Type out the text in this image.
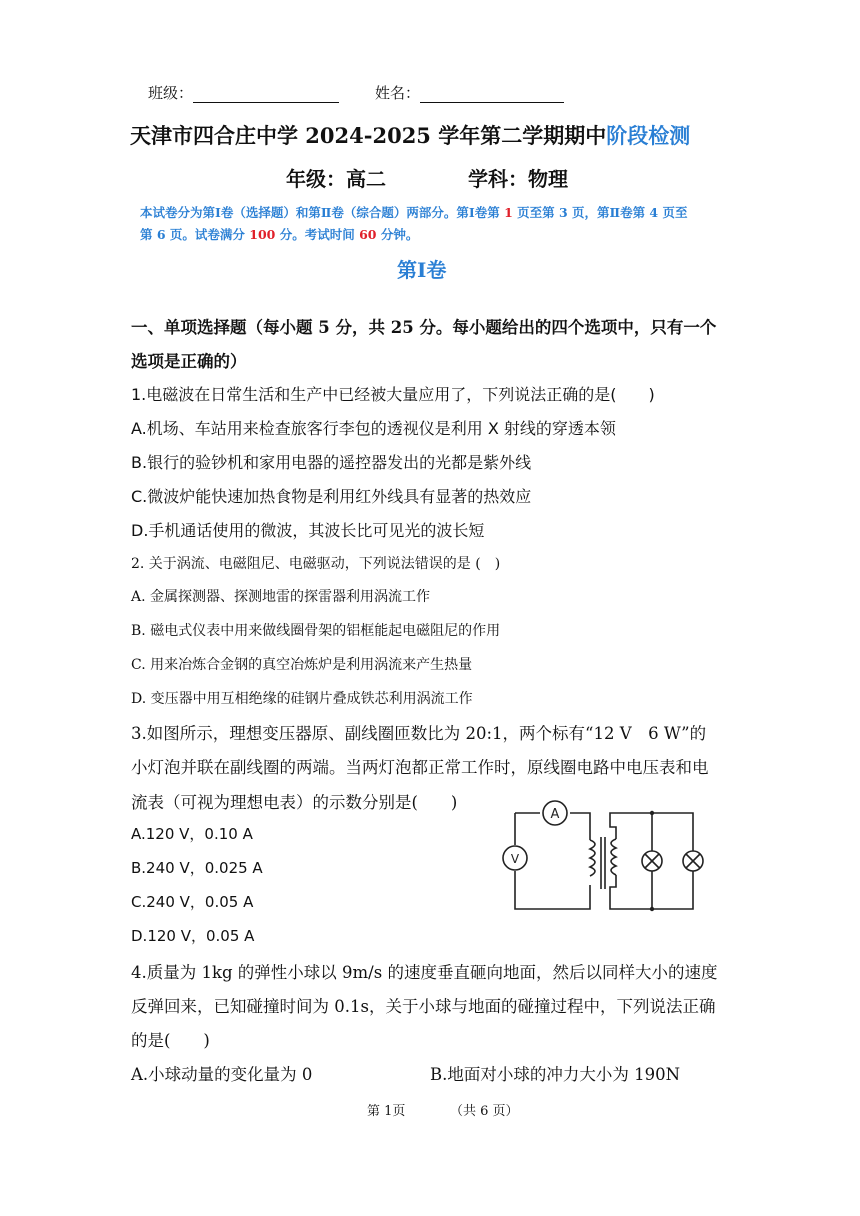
班级：	姓名：
天津市四合庄中学 2024-2025 学年第二学期期中阶段检测
年级：高二	学科：物理
本试卷分为第Ⅰ卷（选择题）和第Ⅱ卷（综合题）两部分。第Ⅰ卷第 1 页至第 3 页，第Ⅱ卷第 4 页至
第 6 页。试卷满分 100 分。考试时间 60 分钟。
第Ⅰ卷
一、单项选择题（每小题 5 分，共 25 分。每小题给出的四个选项中，只有一个
选项是正确的）
1.电磁波在日常生活和生产中已经被大量应用了，下列说法正确的是(　　)
A.机场、车站用来检查旅客行李包的透视仪是利用 X 射线的穿透本领
B.银行的验钞机和家用电器的遥控器发出的光都是紫外线
C.微波炉能快速加热食物是利用红外线具有显著的热效应
D.手机通话使用的微波，其波长比可见光的波长短
2. 关于涡流、电磁阻尼、电磁驱动，下列说法错误的是 (　)
A. 金属探测器、探测地雷的探雷器利用涡流工作
B. 磁电式仪表中用来做线圈骨架的铝框能起电磁阻尼的作用
C. 用来冶炼合金钢的真空冶炼炉是利用涡流来产生热量
D. 变压器中用互相绝缘的硅钢片叠成铁芯利用涡流工作
3.如图所示，理想变压器原、副线圈匝数比为 20:1，两个标有“12 V　6 W”的
小灯泡并联在副线圈的两端。当两灯泡都正常工作时，原线圈电路中电压表和电
流表（可视为理想电表）的示数分别是(　　)
A.120 V，0.10 A
B.240 V，0.025 A
C.240 V，0.05 A
D.120 V，0.05 A
A
V
4.质量为 1kg 的弹性小球以 9m/s 的速度垂直砸向地面，然后以同样大小的速度
反弹回来，已知碰撞时间为 0.1s，关于小球与地面的碰撞过程中，下列说法正确
的是(　　)
A.小球动量的变化量为 0	B.地面对小球的冲力大小为 190N
第 1页	（共 6 页）
